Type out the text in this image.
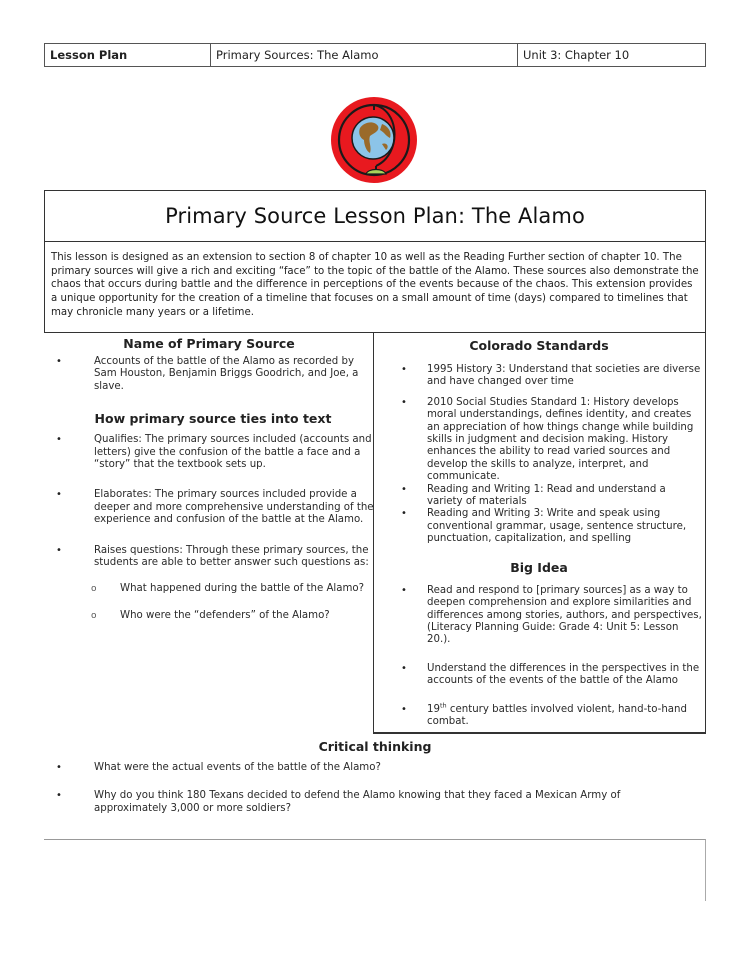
Lesson Plan	Primary Sources: The Alamo	Unit 3: Chapter 10
Primary Source Lesson Plan: The Alamo

This lesson is designed as an extension to section 8 of chapter 10 as well as the Reading Further section of chapter 10. The primary sources will give a rich and exciting “face” to the topic of the battle of the Alamo. These sources also demonstrate the chaos that occurs during battle and the difference in perceptions of the events because of the chaos. This extension provides a unique opportunity for the creation of a timeline that focuses on a small amount of time (days) compared to timelines that may chronicle many years or a lifetime.

Name of Primary Source
•	Accounts of the battle of the Alamo as recorded by Sam Houston, Benjamin Briggs Goodrich, and Joe, a slave.
How primary source ties into text
•	Qualifies: The primary sources included (accounts and letters) give the confusion of the battle a face and a “story” that the textbook sets up.
•	Elaborates: The primary sources included provide a deeper and more comprehensive understanding of the experience and confusion of the battle at the Alamo.
•	Raises questions: Through these primary sources, the students are able to better answer such questions as:
o What happened during the battle of the Alamo?
o Who were the “defenders” of the Alamo?
Colorado Standards
• 1995 History 3: Understand that societies are diverse and have changed over time
• 2010 Social Studies Standard 1: History develops moral understandings, defines identity, and creates an appreciation of how things change while building skills in judgment and decision making. History enhances the ability to read varied sources and develop the skills to analyze, interpret, and communicate.
• Reading and Writing 1: Read and understand a variety of materials
• Reading and Writing 3: Write and speak using conventional grammar, usage, sentence structure, punctuation, capitalization, and spelling
Big Idea
• Read and respond to [primary sources] as a way to deepen comprehension and explore similarities and differences among stories, authors, and perspectives, (Literacy Planning Guide: Grade 4: Unit 5: Lesson 20.).
• Understand the differences in the perspectives in the accounts of the events of the battle of the Alamo
• 19th century battles involved violent, hand-to-hand combat.
Critical thinking
•	What were the actual events of the battle of the Alamo?
•	Why do you think 180 Texans decided to defend the Alamo knowing that they faced a Mexican Army of approximately 3,000 or more soldiers?
